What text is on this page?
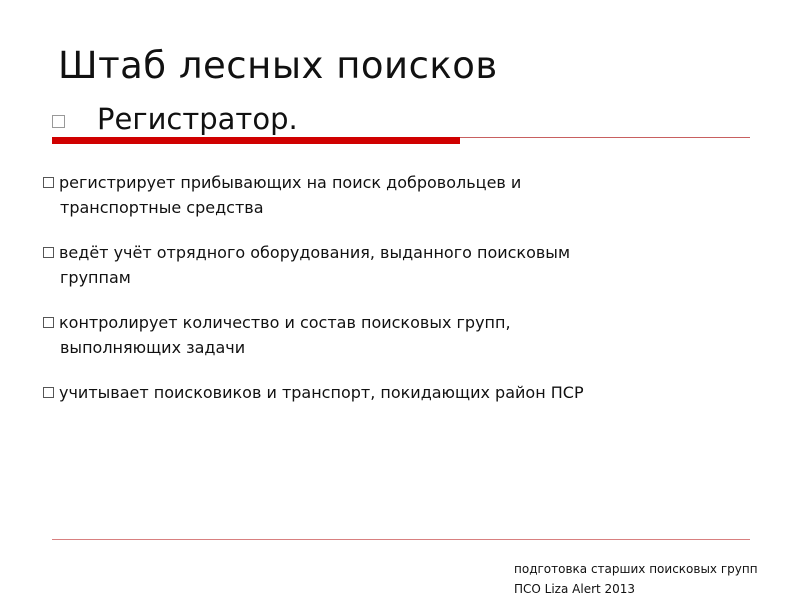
Штаб лесных поисков
Регистратор.
регистрирует прибывающих на поиск добровольцев и
транспортные средства
ведёт учёт отрядного оборудования, выданного поисковым
группам
контролирует количество и состав поисковых групп,
выполняющих задачи
учитывает поисковиков и транспорт, покидающих район ПСР
подготовка старших поисковых групп
ПСО Liza Alert 2013
